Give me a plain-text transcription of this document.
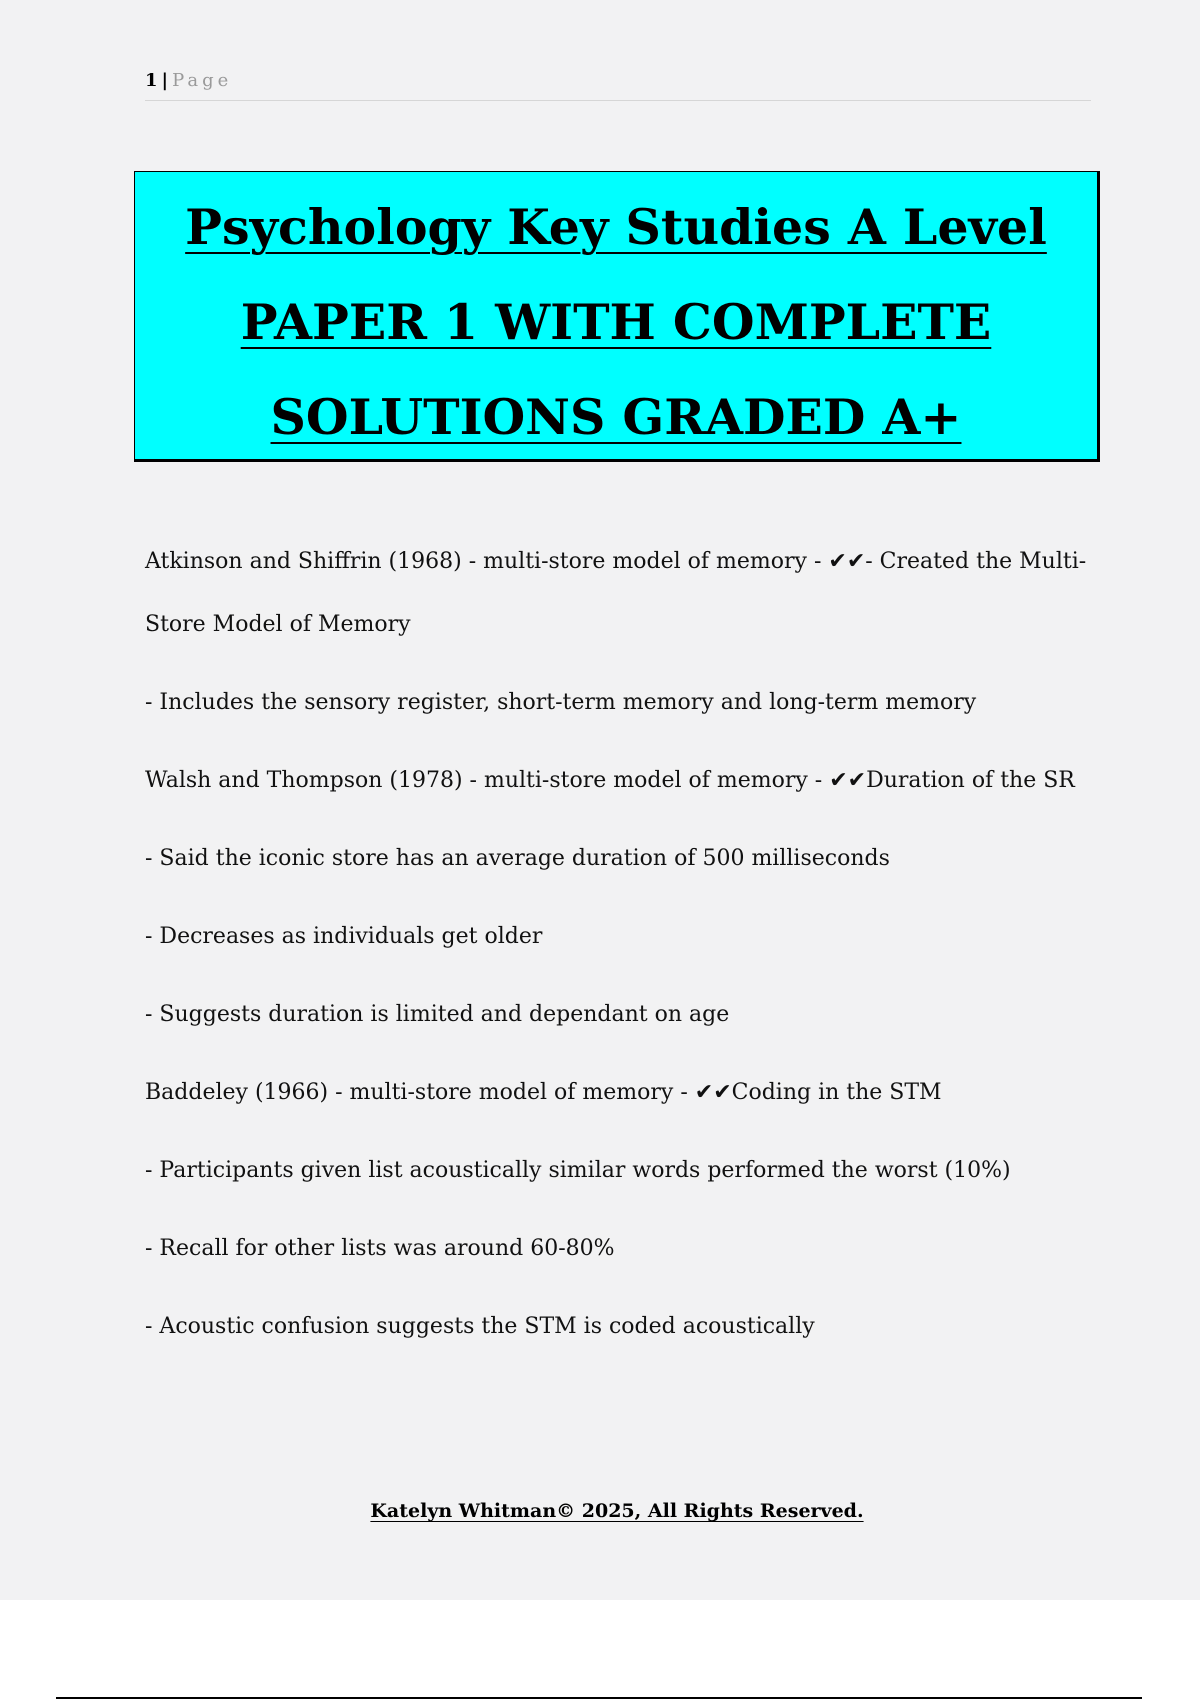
1 | Page
Psychology Key Studies A Level
PAPER 1 WITH COMPLETE
SOLUTIONS GRADED A+

Atkinson and Shiffrin (1968) - multi-store model of memory - ✔✔- Created the Multi-Store Model of Memory

- Includes the sensory register, short-term memory and long-term memory

Walsh and Thompson (1978) - multi-store model of memory - ✔✔Duration of the SR

- Said the iconic store has an average duration of 500 milliseconds

- Decreases as individuals get older

- Suggests duration is limited and dependant on age

Baddeley (1966) - multi-store model of memory - ✔✔Coding in the STM

- Participants given list acoustically similar words performed the worst (10%)

- Recall for other lists was around 60-80%

- Acoustic confusion suggests the STM is coded acoustically

Katelyn Whitman© 2025, All Rights Reserved.
